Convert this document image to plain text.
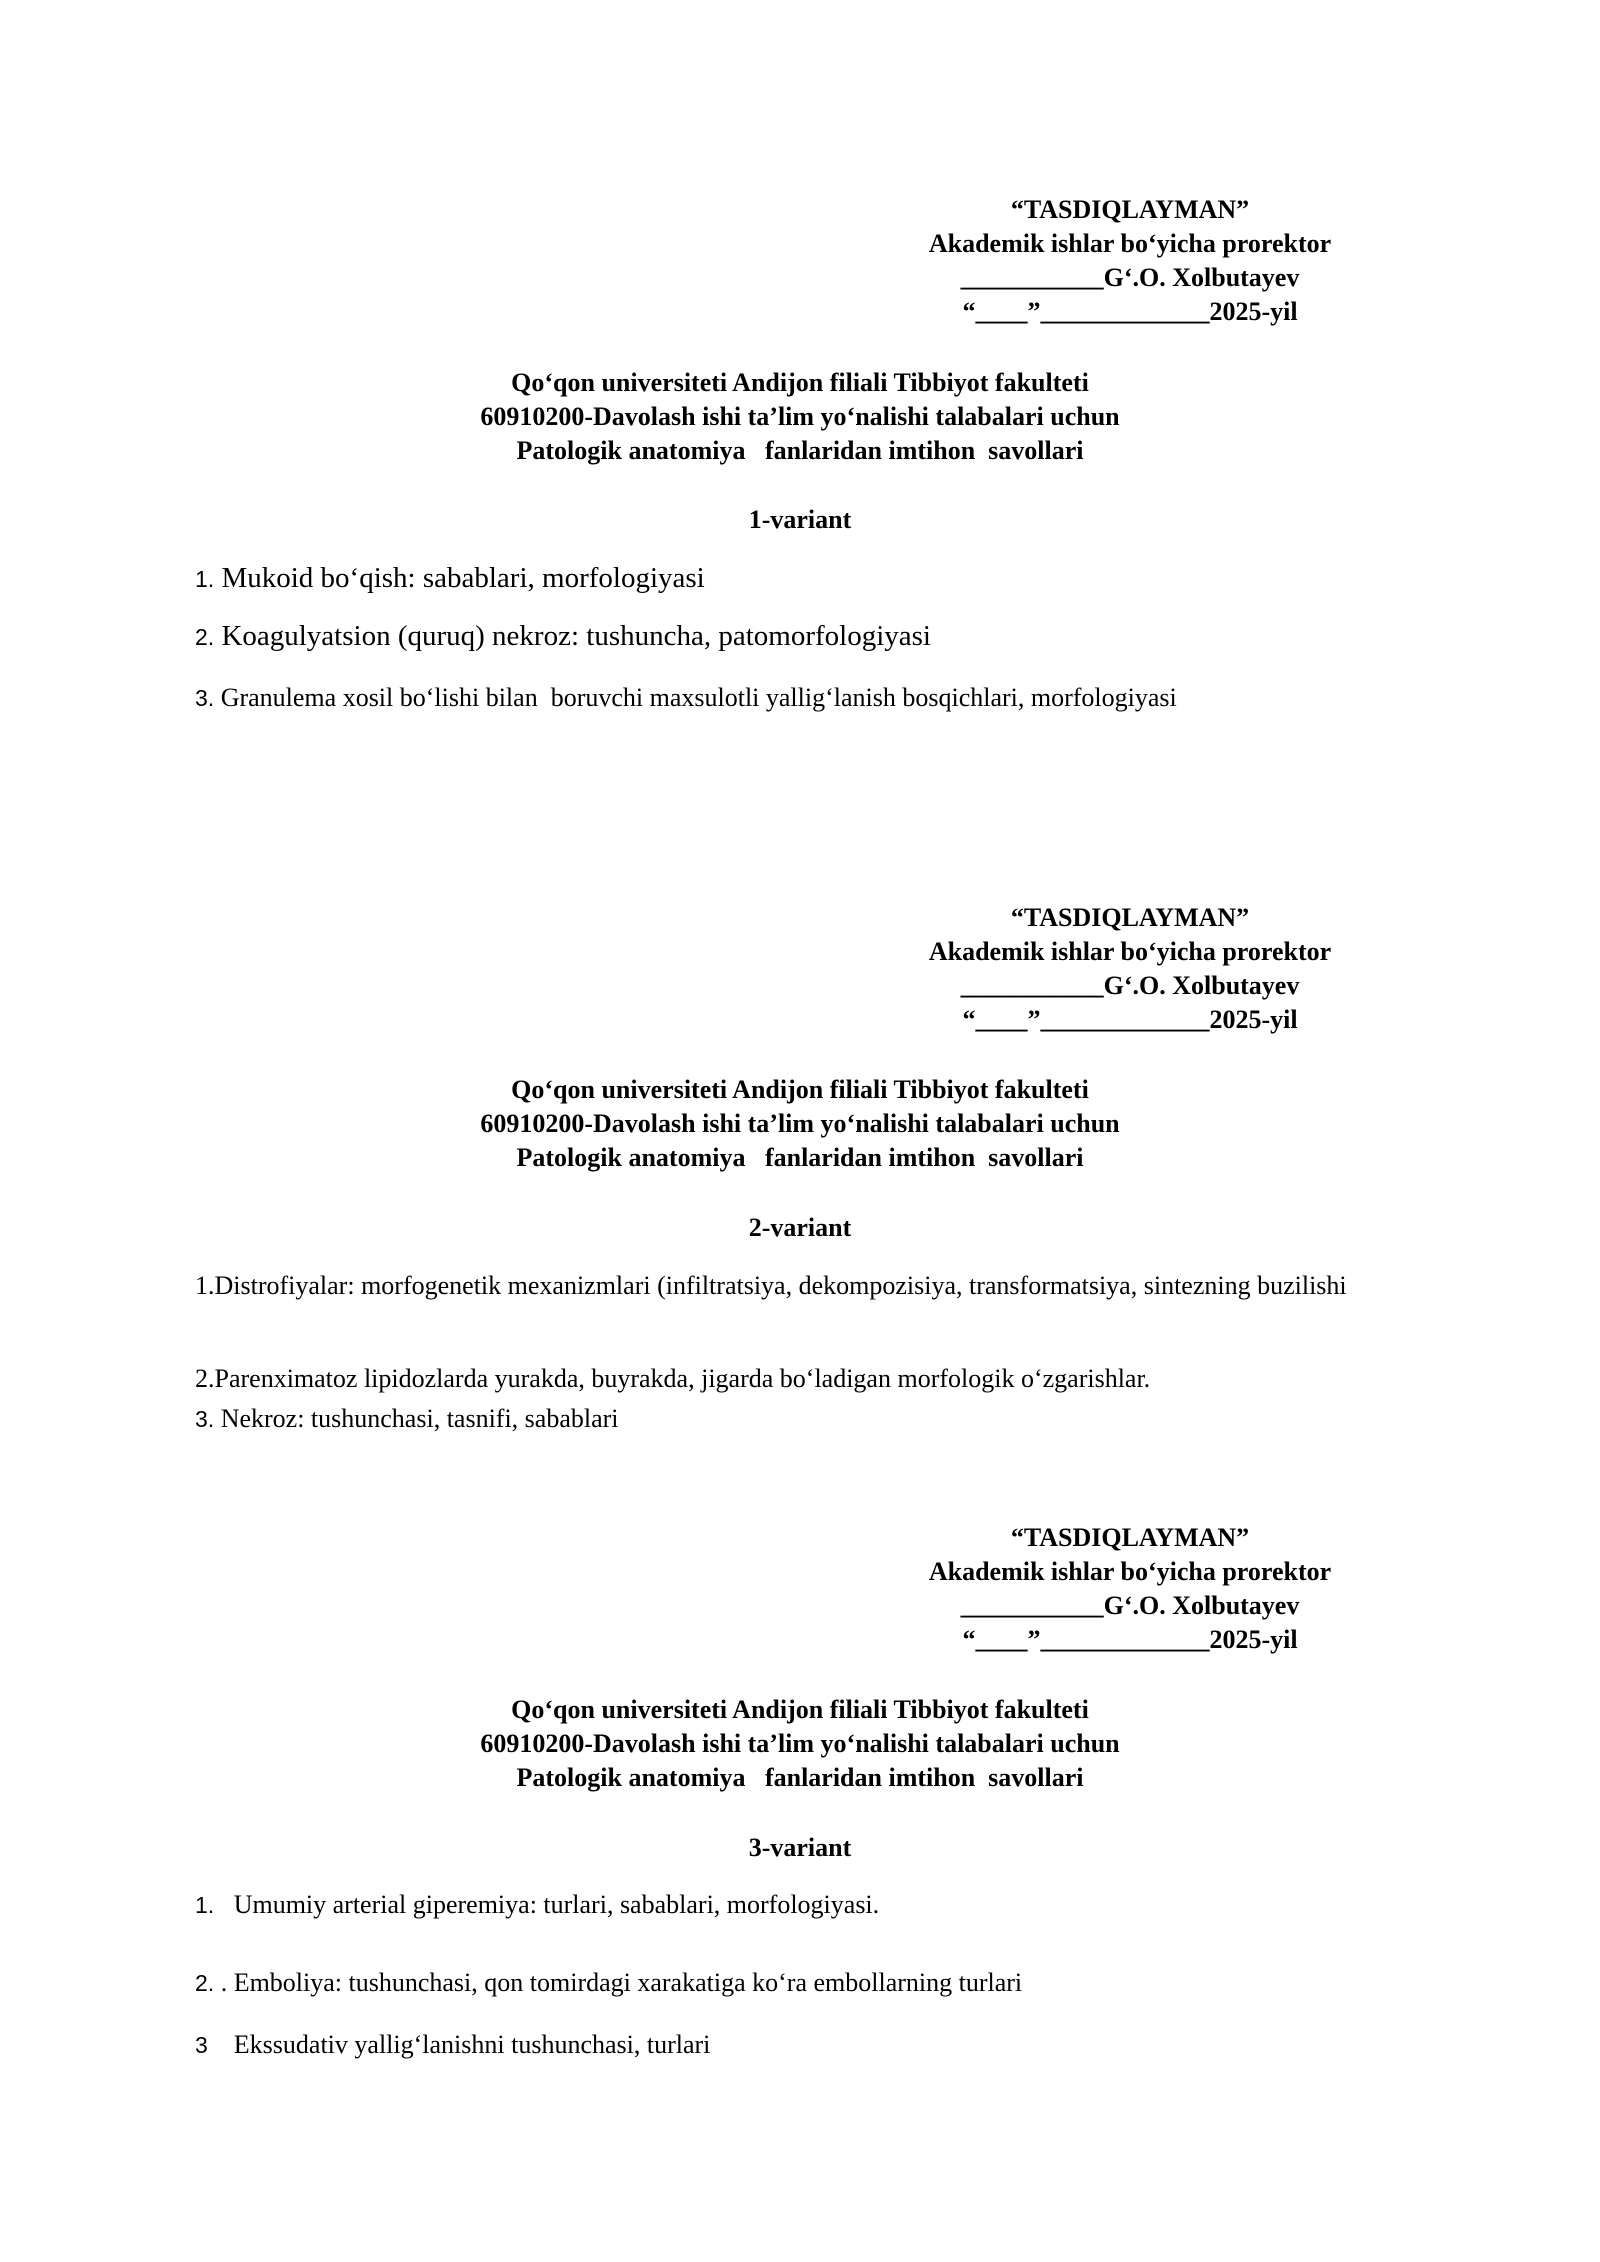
“TASDIQLAYMAN”
Akademik ishlar bo‘yicha prorektor
___________G‘.O. Xolbutayev
“____”_____________2025-yil
Qo‘qon universiteti Andijon filiali Tibbiyot fakulteti
60910200-Davolash ishi ta’lim yo‘nalishi talabalari uchun
Patologik anatomiya   fanlaridan imtihon  savollari
1-variant
1. Mukoid bo‘qish: sabablari, morfologiyasi
2. Koagulyatsion (quruq) nekroz: tushuncha, patomorfologiyasi
3. Granulema xosil bo‘lishi bilan  boruvchi maxsulotli yallig‘lanish bosqichlari, morfologiyasi
“TASDIQLAYMAN”
Akademik ishlar bo‘yicha prorektor
___________G‘.O. Xolbutayev
“____”_____________2025-yil
Qo‘qon universiteti Andijon filiali Tibbiyot fakulteti
60910200-Davolash ishi ta’lim yo‘nalishi talabalari uchun
Patologik anatomiya   fanlaridan imtihon  savollari
2-variant
1.Distrofiyalar: morfogenetik mexanizmlari (infiltratsiya, dekompozisiya, transformatsiya, sintezning buzilishi
2.Parenximatoz lipidozlarda yurakda, buyrakda, jigarda bo‘ladigan morfologik o‘zgarishlar.
3. Nekroz: tushunchasi, tasnifi, sabablari
“TASDIQLAYMAN”
Akademik ishlar bo‘yicha prorektor
___________G‘.O. Xolbutayev
“____”_____________2025-yil
Qo‘qon universiteti Andijon filiali Tibbiyot fakulteti
60910200-Davolash ishi ta’lim yo‘nalishi talabalari uchun
Patologik anatomiya   fanlaridan imtihon  savollari
3-variant
1.   Umumiy arterial giperemiya: turlari, sabablari, morfologiyasi.
2. . Emboliya: tushunchasi, qon tomirdagi xarakatiga ko‘ra embollarning turlari
3    Ekssudativ yallig‘lanishni tushunchasi, turlari
